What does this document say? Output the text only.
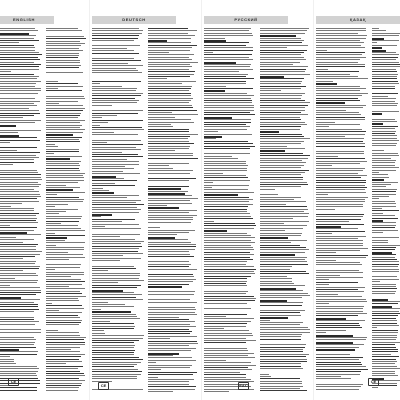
ENGLISH	DEUTSCH	РУССКИЙ	ҚАЗАҚ
CE
CE	EAC
CE
